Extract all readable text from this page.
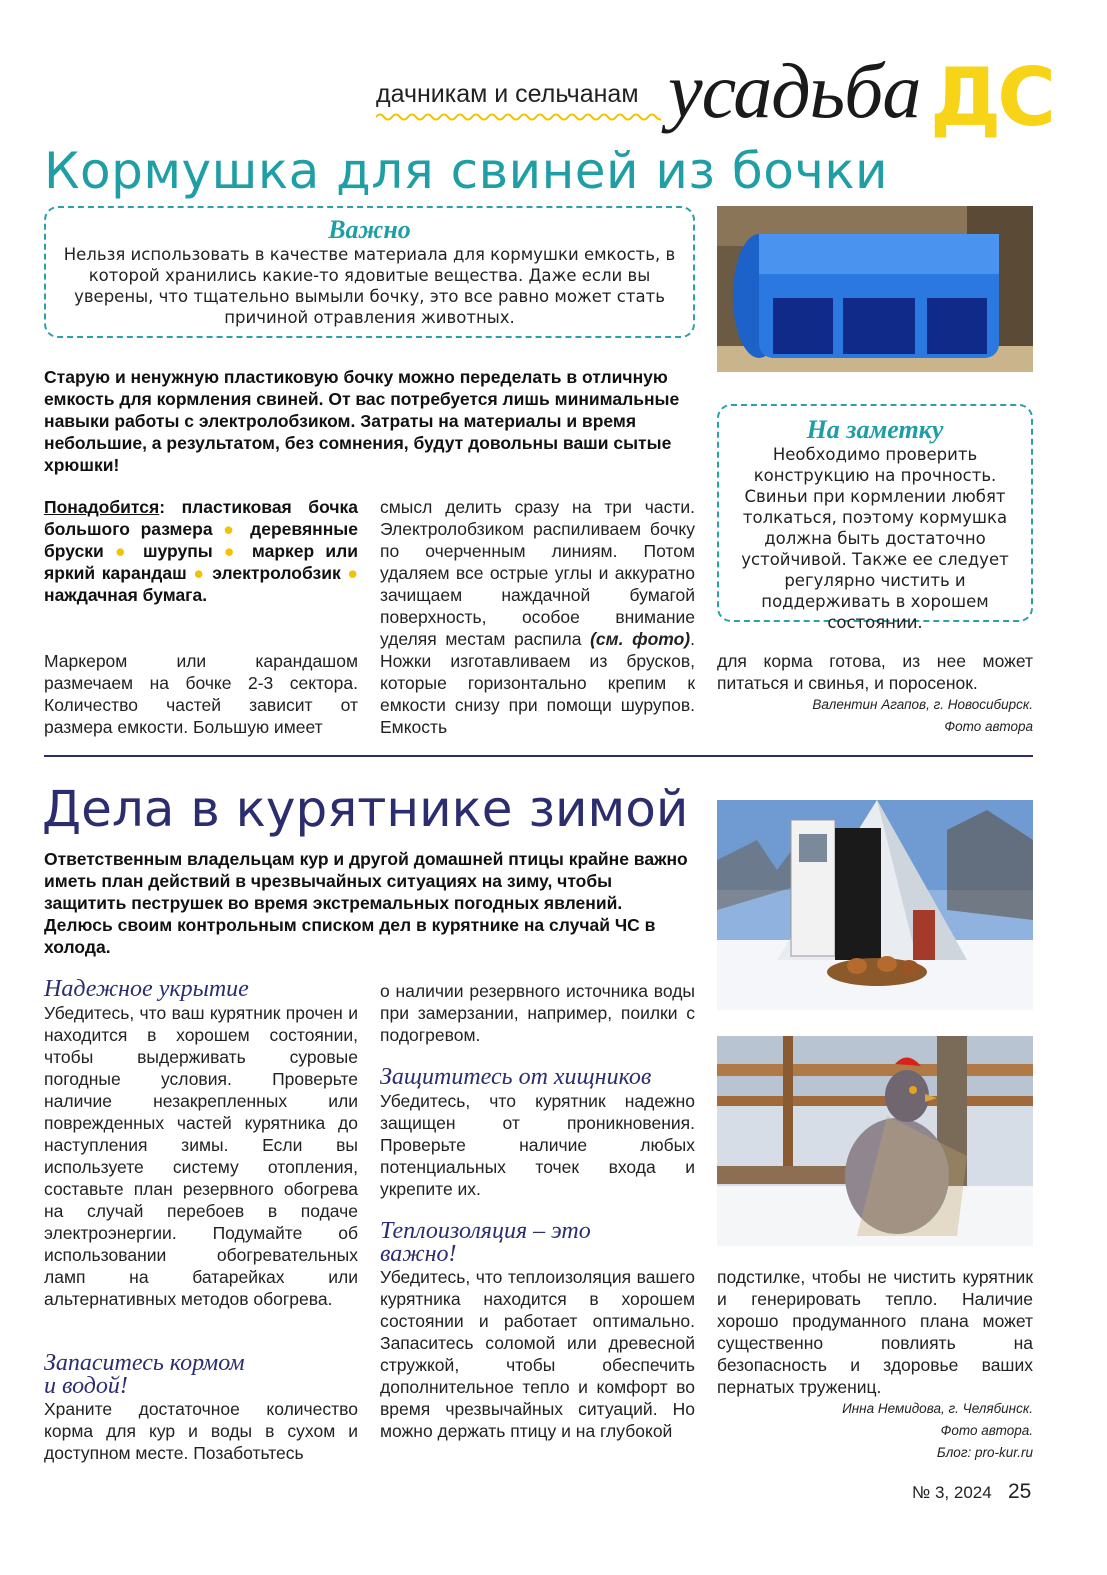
дачникам и сельчанам усадьба ДС
Кормушка для свиней из бочки
Важно
Нельзя использовать в качестве материала для кормушки емкость, в которой хранились какие-то ядовитые вещества. Даже если вы уверены, что тщательно вымыли бочку, это все равно может стать причиной отравления животных.
Старую и ненужную пластиковую бочку можно переделать в отличную емкость для кормления свиней. От вас потребуется лишь минимальные навыки работы с электролобзиком. Затраты на материалы и время небольшие, а результатом, без сомнения, будут довольны ваши сытые хрюшки!
На заметку
Необходимо проверить конструкцию на прочность. Свиньи при кормлении любят толкаться, поэтому кормушка должна быть достаточно устойчивой. Также ее следует регулярно чистить и поддерживать в хорошем состоянии.
Понадобится: пластиковая бочка большого размера ● деревянные бруски ● шурупы ● маркер или яркий карандаш ● электролобзик ● наждачная бумага.
Маркером или карандашом размечаем на бочке 2-3 сектора. Количество частей зависит от размера емкости. Большую имеет
смысл делить сразу на три части. Электролобзиком распиливаем бочку по очерченным линиям. Потом удаляем все острые углы и аккуратно зачищаем наждачной бумагой поверхность, особое внимание уделяя местам распила (см. фото). Ножки изготавливаем из брусков, которые горизонтально крепим к емкости снизу при помощи шурупов. Емкость
для корма готова, из нее может питаться и свинья, и поросенок.
Валентин Агапов, г. Новосибирск.
Фото автора
Дела в курятнике зимой
Ответственным владельцам кур и другой домашней птицы крайне важно иметь план действий в чрезвычайных ситуациях на зиму, чтобы защитить пеструшек во время экстремальных погодных явлений. Делюсь своим контрольным списком дел в курятнике на случай ЧС в холода.
Надежное укрытие
Убедитесь, что ваш курятник прочен и находится в хорошем состоянии, чтобы выдерживать суровые погодные условия. Проверьте наличие незакрепленных или поврежденных частей курятника до наступления зимы. Если вы используете систему отопления, составьте план резервного обогрева на случай перебоев в подаче электроэнергии. Подумайте об использовании обогревательных ламп на батарейках или альтернативных методов обогрева.
Запаситесь кормом
и водой!
Храните достаточное количество корма для кур и воды в сухом и доступном месте. Позаботьтесь
о наличии резервного источника воды при замерзании, например, поилки с подогревом.
Защититесь от хищников
Убедитесь, что курятник надежно защищен от проникновения. Проверьте наличие любых потенциальных точек входа и укрепите их.
Теплоизоляция – это
важно!
Убедитесь, что теплоизоляция вашего курятника находится в хорошем состоянии и работает оптимально. Запаситесь соломой или древесной стружкой, чтобы обеспечить дополнительное тепло и комфорт во время чрезвычайных ситуаций. Но можно держать птицу и на глубокой
подстилке, чтобы не чистить курятник и генерировать тепло. Наличие хорошо продуманного плана может существенно повлиять на безопасность и здоровье ваших пернатых тружениц.
Инна Немидова, г. Челябинск.
Фото автора.
Блог: pro-kur.ru
№ 3, 2024 25
